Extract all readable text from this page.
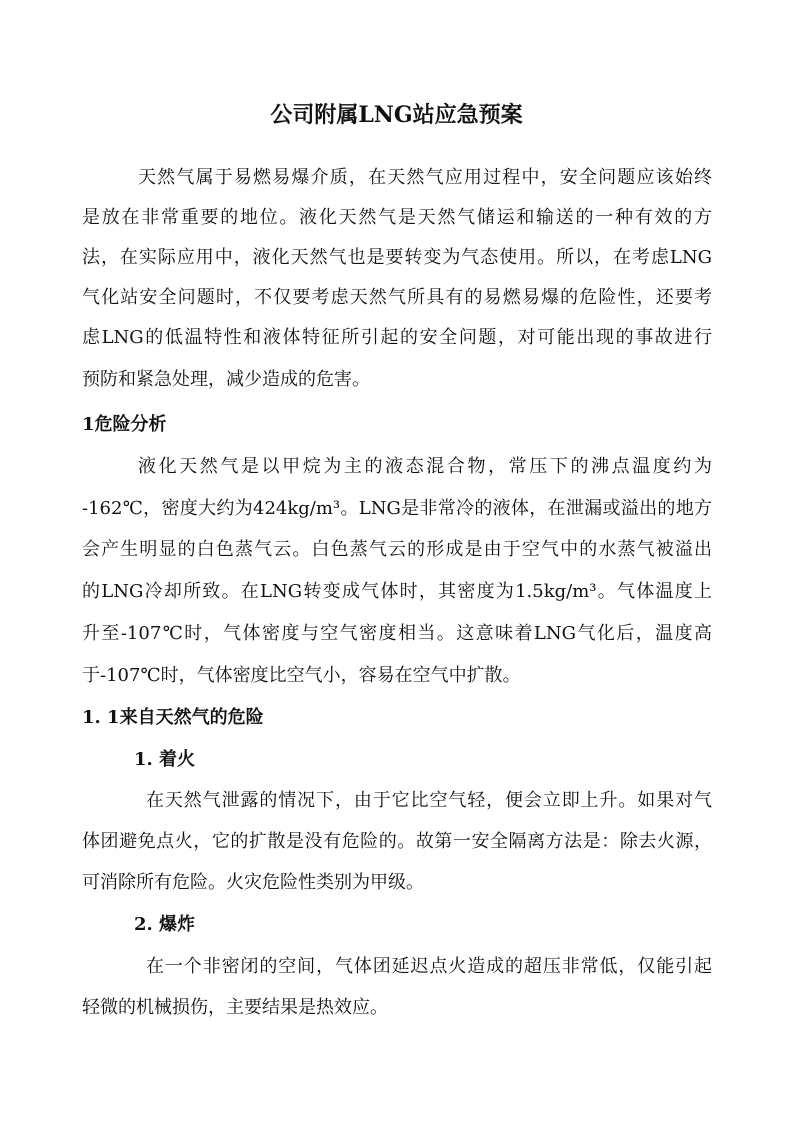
公司附属LNG站应急预案
天然气属于易燃易爆介质，在天然气应用过程中，安全问题应该始终
是放在非常重要的地位。液化天然气是天然气储运和输送的一种有效的方
法，在实际应用中，液化天然气也是要转变为气态使用。所以，在考虑LNG
气化站安全问题时，不仅要考虑天然气所具有的易燃易爆的危险性，还要考
虑LNG的低温特性和液体特征所引起的安全问题，对可能出现的事故进行
预防和紧急处理，减少造成的危害。
1危险分析
液化天然气是以甲烷为主的液态混合物，常压下的沸点温度约为
-162℃，密度大约为424kg/m³。LNG是非常冷的液体，在泄漏或溢出的地方
会产生明显的白色蒸气云。白色蒸气云的形成是由于空气中的水蒸气被溢出
的LNG冷却所致。在LNG转变成气体时，其密度为1.5kg/m³。气体温度上
升至-107℃时，气体密度与空气密度相当。这意味着LNG气化后，温度高
于-107℃时，气体密度比空气小，容易在空气中扩散。
1. 1来自天然气的危险
1. 着火
在天然气泄露的情况下，由于它比空气轻，便会立即上升。如果对气
体团避免点火，它的扩散是没有危险的。故第一安全隔离方法是：除去火源，
可消除所有危险。火灾危险性类别为甲级。
2. 爆炸
在一个非密闭的空间，气体团延迟点火造成的超压非常低，仅能引起
轻微的机械损伤，主要结果是热效应。
